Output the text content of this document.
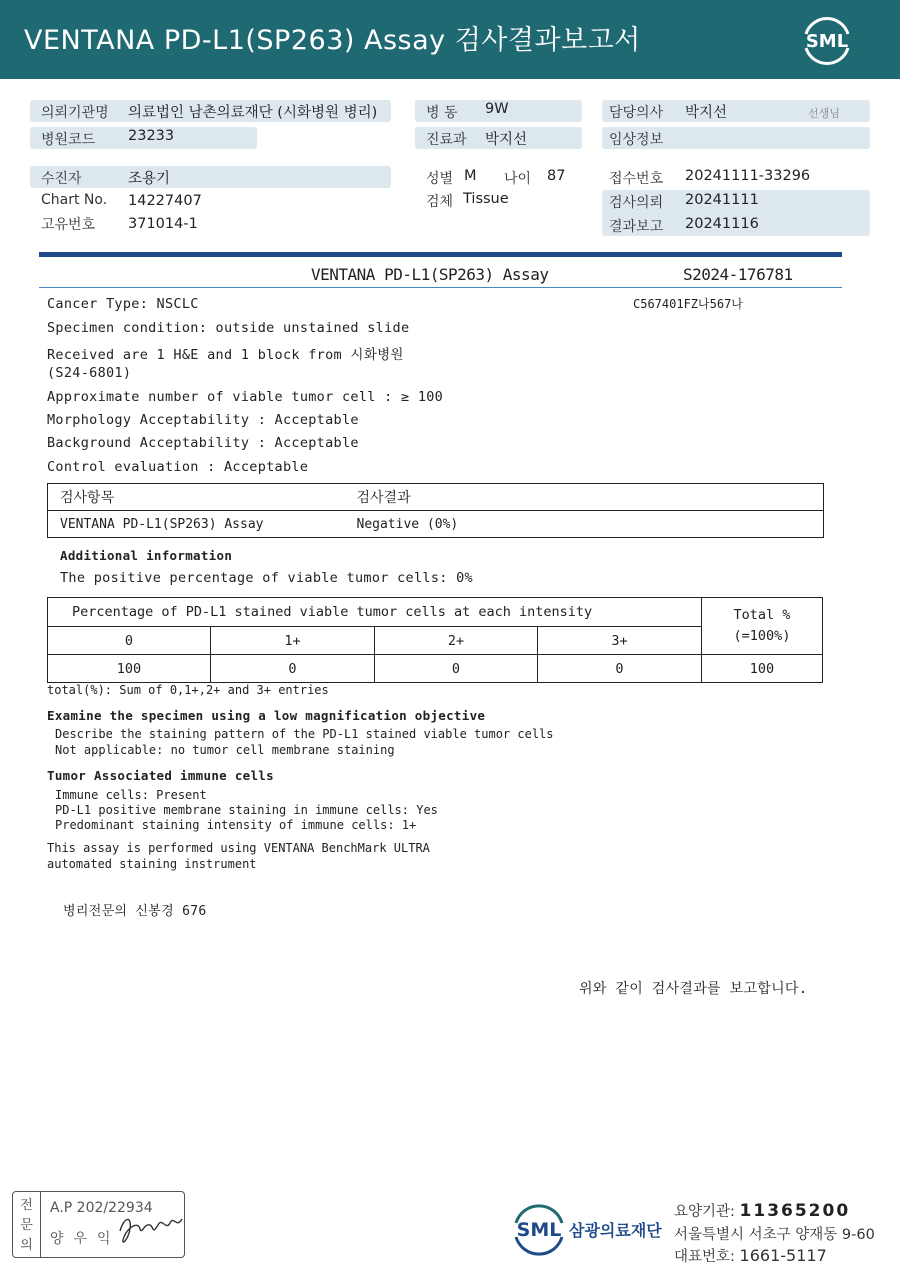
VENTANA PD-L1(SP263) Assay 검사결과보고서	SML
의뢰기관명 의료법인 남촌의료재단 (시화병원 병리)
병원코드 23233
병 동 9W
진료과 박지선
담당의사 박지선	선생님
임상정보
수진자	조용기
Chart No. 14227407
고유번호 371014-1
성별 M 나이 87
검체 Tissue
접수번호 20241111-33296
검사의뢰 20241111
결과보고 20241116
VENTANA PD-L1(SP263) Assay	S2024-176781
C567401FZ나567나
Cancer Type: NSCLC
Specimen condition: outside unstained slide
Received are 1 H&E and 1 block from 시화병원
(S24-6801)
Approximate number of viable tumor cell : ≥ 100
Morphology Acceptability : Acceptable
Background Acceptability : Acceptable
Control evaluation : Acceptable
검사항목	검사결과
VENTANA PD-L1(SP263) Assay	Negative (0%)
Additional information
The positive percentage of viable tumor cells: 0%
Percentage of PD-L1 stained viable tumor cells at each intensity				Total %
(=100%)

0	1+	2+	3+	
100	0	0	0	100
total(%): Sum of 0,1+,2+ and 3+ entries
Examine the specimen using a low magnification objective
Describe the staining pattern of the PD-L1 stained viable tumor cells
Not applicable: no tumor cell membrane staining
Tumor Associated immune cells
Immune cells: Present
PD-L1 positive membrane staining in immune cells: Yes
Predominant staining intensity of immune cells: 1+
This assay is performed using VENTANA BenchMark ULTRA
automated staining instrument
병리전문의 신봉경 676
위와 같이 검사결과를 보고합니다.
전
문
의
A.P 202/22934
양우익	SML 삼광의료재단
요양기관: 11365200
서울특별시 서초구 양재동 9-60
대표번호: 1661-5117
